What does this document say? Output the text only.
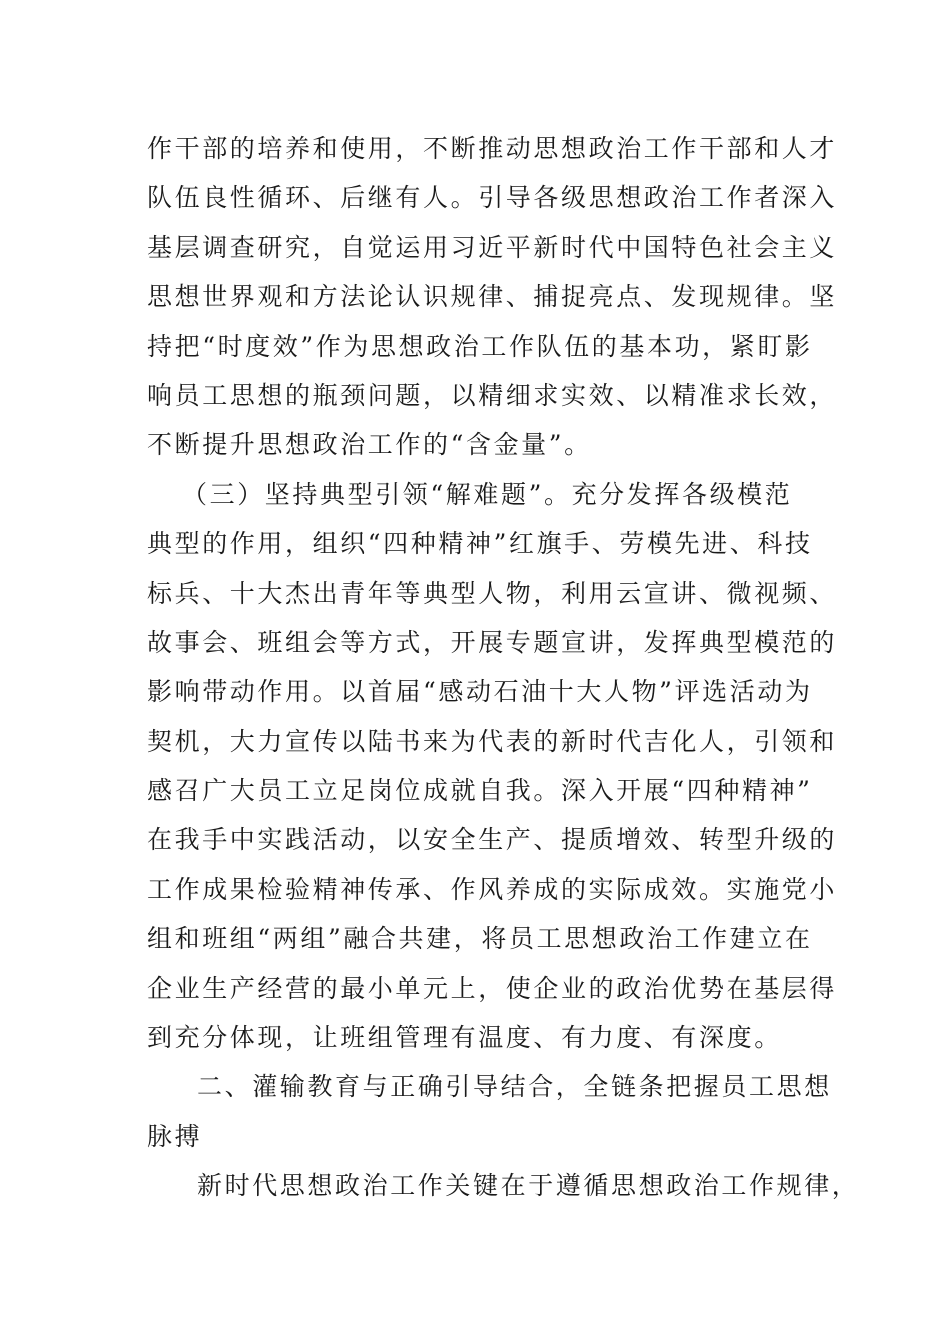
作干部的培养和使用，不断推动思想政治工作干部和人才
队伍良性循环、后继有人。引导各级思想政治工作者深入
基层调查研究，自觉运用习近平新时代中国特色社会主义
思想世界观和方法论认识规律、捕捉亮点、发现规律。坚
持把“时度效”作为思想政治工作队伍的基本功，紧盯影
响员工思想的瓶颈问题，以精细求实效、以精准求长效，
不断提升思想政治工作的“含金量”。
（三）坚持典型引领“解难题”。充分发挥各级模范
典型的作用，组织“四种精神”红旗手、劳模先进、科技
标兵、十大杰出青年等典型人物，利用云宣讲、微视频、
故事会、班组会等方式，开展专题宣讲，发挥典型模范的
影响带动作用。以首届“感动石油十大人物”评选活动为
契机，大力宣传以陆书来为代表的新时代吉化人，引领和
感召广大员工立足岗位成就自我。深入开展“四种精神”
在我手中实践活动，以安全生产、提质增效、转型升级的
工作成果检验精神传承、作风养成的实际成效。实施党小
组和班组“两组”融合共建，将员工思想政治工作建立在
企业生产经营的最小单元上，使企业的政治优势在基层得
到充分体现，让班组管理有温度、有力度、有深度。
二、灌输教育与正确引导结合，全链条把握员工思想
脉搏
新时代思想政治工作关键在于遵循思想政治工作规律，
